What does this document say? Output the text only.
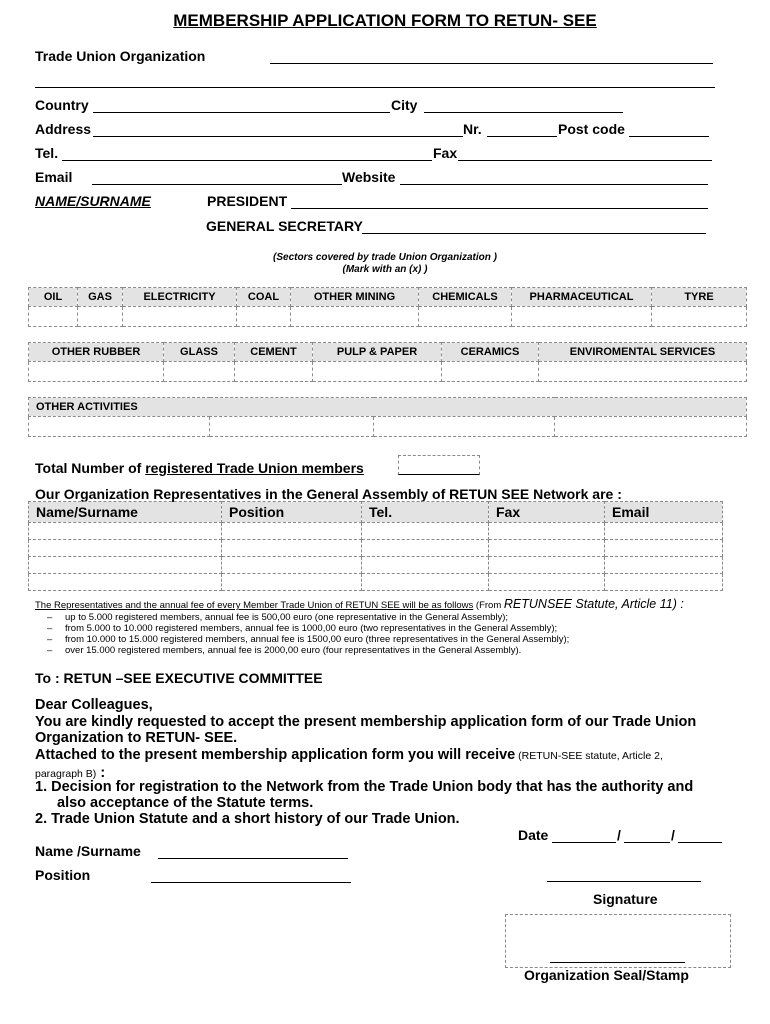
MEMBERSHIP APPLICATION FORM TO RETUN- SEE
Trade Union Organization
Country	City
Address	Nr.	Post code
Tel.	Fax
Email	Website
NAME/SURNAME	PRESIDENT
GENERAL SECRETARY
(Sectors covered by trade Union Organization )
(Mark with an (x) )
OIL	GAS	ELECTRICITY	COAL	OTHER MINING	CHEMICALS	PHARMACEUTICAL	TYRE

OTHER RUBBER	GLASS	CEMENT	PULP & PAPER	CERAMICS	ENVIROMENTAL SERVICES

OTHER ACTIVITIES

Total Number of registered Trade Union members
Our Organization Representatives in the General Assembly of RETUN SEE Network are :
Name/Surname	Position	Tel.	Fax	Email

The Representatives and the annual fee of every Member Trade Union of RETUN SEE will be as follows (From RETUNSEE Statute, Article 11) :
– up to 5.000 registered members, annual fee is 500,00 euro (one representative in the General Assembly);
– from 5.000 to 10.000 registered members, annual fee is 1000,00 euro (two representatives in the General Assembly);
– from 10.000 to 15.000 registered members, annual fee is 1500,00 euro (three representatives in the General Assembly);
– over 15.000 registered members, annual fee is 2000,00 euro (four representatives in the General Assembly).
To : RETUN –SEE EXECUTIVE COMMITTEE
Dear Colleagues,
You are kindly requested to accept the present membership application form of our Trade Union
Organization to RETUN- SEE.
Attached to the present membership application form you will receive (RETUN-SEE statute, Article 2,
paragraph B) :
1. Decision for registration to the Network from the Trade Union body that has the authority and
also acceptance of the Statute terms.
2. Trade Union Statute and a short history of our Trade Union.
Date	/	/
Name /Surname
Position
Signature
Organization Seal/Stamp
